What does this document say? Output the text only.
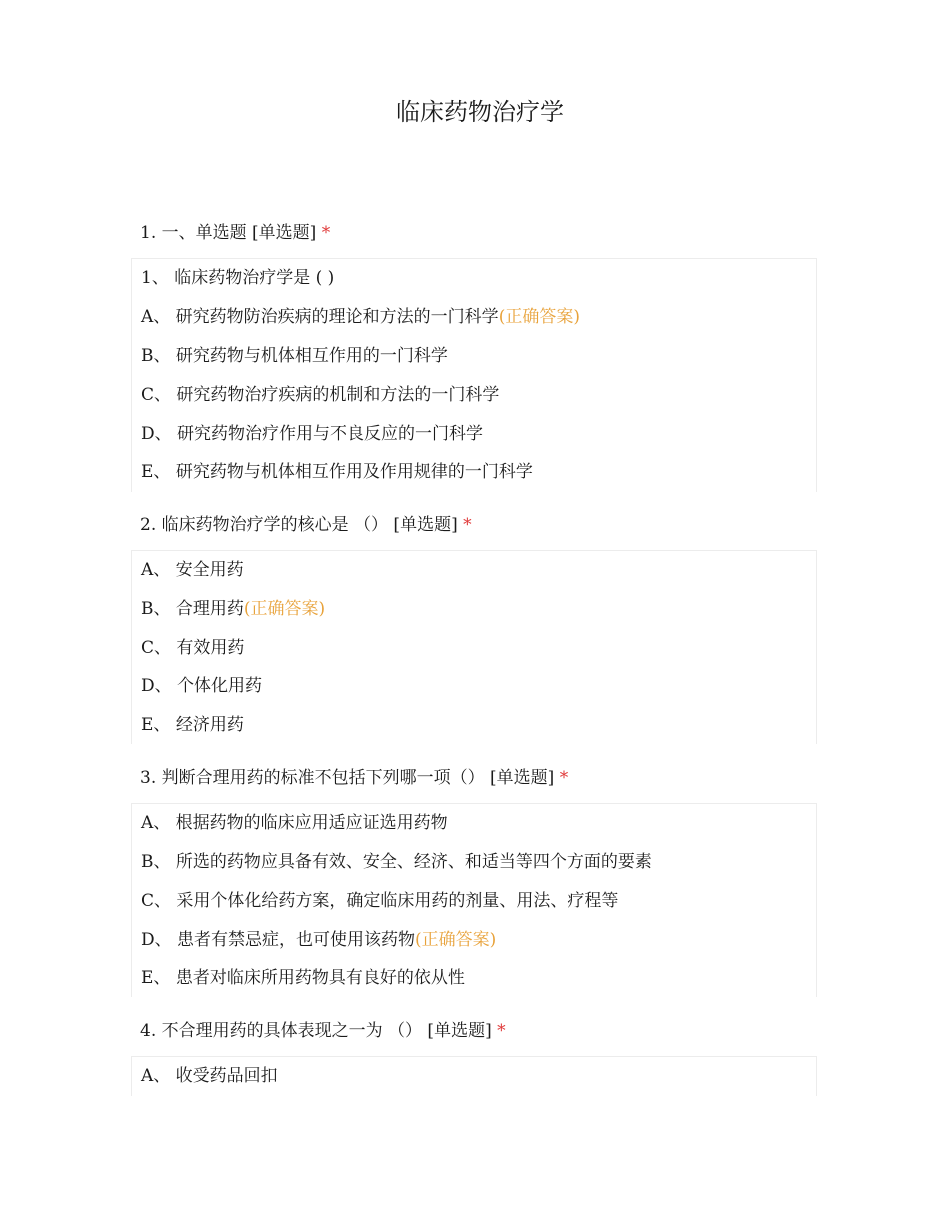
临床药物治疗学
1. 一、单选题 [单选题] *
1、 临床药物治疗学是 ( )
A、 研究药物防治疾病的理论和方法的一门科学(正确答案)
B、 研究药物与机体相互作用的一门科学
C、 研究药物治疗疾病的机制和方法的一门科学
D、 研究药物治疗作用与不良反应的一门科学
E、 研究药物与机体相互作用及作用规律的一门科学
2. 临床药物治疗学的核心是 （） [单选题] *
A、 安全用药
B、 合理用药(正确答案)
C、 有效用药
D、 个体化用药
E、 经济用药
3. 判断合理用药的标准不包括下列哪一项（） [单选题] *
A、 根据药物的临床应用适应证选用药物
B、 所选的药物应具备有效、安全、经济、和适当等四个方面的要素
C、 采用个体化给药方案，确定临床用药的剂量、用法、疗程等
D、 患者有禁忌症，也可使用该药物(正确答案)
E、 患者对临床所用药物具有良好的依从性
4. 不合理用药的具体表现之一为 （） [单选题] *
A、 收受药品回扣
